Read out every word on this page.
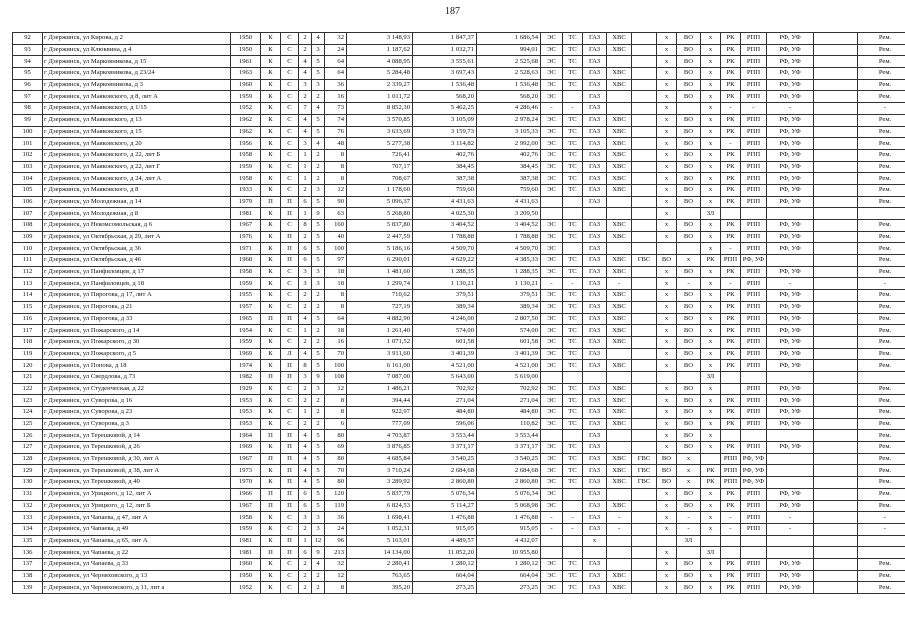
187
92	г Дзержинск, ул Кирова, д 2	1950	К	С	2	4	32	3 148,93	1 847,37	1 686,54	ЭС	ТС	ГАЗ	ХВС		х	ВО	х	РК	РПП	РФ, УФ		Рем.
93	г Дзержинск, ул Клюквина, д 4	1950	К	С	2	3	24	1 187,62	1 032,71	994,01	ЭС	ТС	ГАЗ	ХВС		х	ВО	х	РК	РПП	РФ, УФ		Рем.
94	г Дзержинск, ул Марковникова, д 15	1961	К	С	4	5	64	4 088,95	3 555,61	2 525,68	ЭС	ТС	ГАЗ			х	ВО	х	РК	РПП	РФ, УФ		Рем.
95	г Дзержинск, ул Марковникова, д 23/24	1963	К	С	4	5	64	5 284,48	3 697,43	2 528,63	ЭС	ТС	ГАЗ	ХВС		х	ВО	х	РК	РПП	РФ, УФ		Рем.
96	г Дзержинск, ул Марковникова, д 3	1960	К	С	3	3	36	2 339,27	1 536,48	1 536,48	ЭС	ТС	ГАЗ	ХВС		х	ВО	х	РК	РПП	РФ, УФ		Рем.
97	г Дзержинск, ул Маяковского, д 8, лит А	1959	К	С	2	2	16	1 011,72	568,20	568,20	ЭС		ГАЗ			х	ВО	х	РК	РПП	РФ, УФ		Рем.
98	г Дзержинск, ул Маяковского, д 1/15	1952	К	С	7	4	73	8 852,30	5 462,25	4 286,46	-	-	ГАЗ			х		х	-	-	-		-
99	г Дзержинск, ул Маяковского, д 13	1962	К	С	4	5	74	3 570,85	3 105,09	2 978,24	ЭС	ТС	ГАЗ	ХВС		х	ВО	х	РК	РПП	РФ, УФ		Рем.
100	г Дзержинск, ул Маяковского, д 15	1962	К	С	4	5	76	3 633,69	3 159,73	3 105,33	ЭС	ТС	ГАЗ	ХВС		х	ВО	х	РК	РПП	РФ, УФ		Рем.
101	г Дзержинск, ул Маяковского, д 20	1956	К	С	3	4	48	5 277,38	3 114,82	2 992,00	ЭС	ТС	ГАЗ	ХВС		х	ВО	х	-	РПП	РФ, УФ		Рем.
102	г Дзержинск, ул Маяковского, д 22, лит Б	1958	К	С	1	2	8	726,41	402,76	402,76	ЭС	ТС	ГАЗ	ХВС		х	ВО	х	РК	РПП	РФ, УФ		Рем.
103	г Дзержинск, ул Маяковского, д 22, лит Г	1959	К	С	1	2	8	707,17	384,45	384,45	ЭС	ТС	ГАЗ	ХВС		х	ВО	х	РК	РПП	РФ, УФ		Рем.
104	г Дзержинск, ул Маяковского, д 24, лит А	1958	К	С	1	2	8	708,67	387,38	387,38	ЭС	ТС	ГАЗ	ХВС		х	ВО	х	РК	РПП	РФ, УФ		Рем.
105	г Дзержинск, ул Маяковского, д 8	1933	К	С	2	3	12	1 178,60	759,60	759,60	ЭС	ТС	ГАЗ	ХВС		х	ВО	х	РК	РПП	РФ, УФ		Рем.
106	г Дзержинск, ул Молодежная, д 14	1979	П	П	6	5	90	5 096,37	4 431,63	4 431,63			ГАЗ			х	ВО	х	РК	РПП	РФ, УФ		Рем.
107	г Дзержинск, ул Молодежная, д 8	1981	К	П	1	9	63	5 268,80	4 025,30	3 209,50						х		ЗЛ					
108	г Дзержинск, ул Некомсомольская, д 6	1967	К	С	8	5	160	5 837,80	3 404,52	3 404,52	ЭС	ТС	ГАЗ	ХВС		х	ВО	х	РК	РПП	РФ, УФ		Рем.
109	г Дзержинск, ул Октябрьская, д 29, лит А	1976	К	П	2	5	40	2 447,59	1 788,88	1 788,88	ЭС	ТС	ГАЗ	ХВС		х	ВО	х	РК	РПП	РФ, УФ		Рем.
110	г Дзержинск, ул Октябрьская, д 36	1971	К	П	6	5	100	5 186,16	4 509,70	4 509,70	ЭС		ГАЗ					х	-	РПП	РФ, УФ		Рем.
111	г Дзержинск, ул Октябрьская, д 46	1968	К	П	6	5	97	6 290,01	4 629,22	4 385,33	ЭС	ТС	ГАЗ	ХВС	ГВС	ВО	х	РК	РПП	РФ, УФ			Рем.
112	г Дзержинск, ул Панфиловцев, д 17	1958	К	С	3	3	18	1 481,60	1 288,35	1 288,35	ЭС	ТС	ГАЗ	ХВС		х	ВО	х	РК	РПП	РФ, УФ		Рем.
113	г Дзержинск, ул Панфиловцев, д 18	1959	К	С	3	3	18	1 299,74	1 130,21	1 130,21	-	-	ГАЗ	-		х	-	х	-	РПП	-		-
114	г Дзержинск, ул Пирогова, д 17, лит А	1955	К	С	2	2	8	710,62	379,51	379,51	ЭС	ТС	ГАЗ	ХВС		х	ВО	х	РК	РПП	РФ, УФ		Рем.
115	г Дзержинск, ул Пирогова, д 21	1957	К	С	2	2	8	727,19	389,34	389,34	ЭС	ТС	ГАЗ	ХВС		х	ВО	х	РК	РПП	РФ, УФ		Рем.
116	г Дзержинск, ул Пирогова, д 33	1965	П	П	4	5	64	4 882,90	4 246,00	2 807,50	ЭС	ТС	ГАЗ	ХВС		х	ВО	х	РК	РПП	РФ, УФ		Рем.
117	г Дзержинск, ул Пожарского, д 14	1954	К	С	1	2	18	1 261,40	574,00	574,00	ЭС	ТС	ГАЗ	ХВС		х	ВО	х	РК	РПП	РФ, УФ		Рем.
118	г Дзержинск, ул Пожарского, д 30	1959	К	С	2	2	16	1 071,52	601,58	601,58	ЭС	ТС	ГАЗ	ХВС		х	ВО	х	РК	РПП	РФ, УФ		Рем.
119	г Дзержинск, ул Пожарского, д 5	1969	К	Л	4	5	70	3 911,60	3 401,39	3 401,39	ЭС	ТС	ГАЗ			х	ВО	х	РК	РПП	РФ, УФ		Рем.
120	г Дзержинск, ул Попова, д 18	1974	К	П	8	5	100	6 161,00	4 521,00	4 521,00	ЭС	ТС	ГАЗ	ХВС		х	ВО	х	РК	РПП	РФ, УФ		Рем.
121	г Дзержинск, ул Свердлова, д 73	1982	П	П	3	9	108	7 087,00	5 643,00	5 619,00								ЗЛ					
122	г Дзержинск, ул Студенческая, д 22	1929	К	С	2	3	12	1 486,21	702,92	702,92	ЭС	ТС	ГАЗ	ХВС		х	ВО	х		РПП	РФ, УФ		Рем.
123	г Дзержинск, ул Суворова, д 16	1953	К	С	2	2	8	394,44	271,04	271,04	ЭС	ТС	ГАЗ	ХВС		х	ВО	х	РК	РПП	РФ, УФ		Рем.
124	г Дзержинск, ул Суворова, д 23	1953	К	С	1	2	8	922,97	484,80	484,80	ЭС	ТС	ГАЗ	ХВС		х	ВО	х	РК	РПП	РФ, УФ		Рем.
125	г Дзержинск, ул Суворова, д 3	1953	К	С	2	2	6	777,09	596,06	110,82	ЭС	ТС	ГАЗ	ХВС		х	ВО	х	РК	РПП	РФ, УФ		Рем.
126	г Дзержинск, ул Терешковой, д 14	1964	П	П	4	5	80	4 703,87	3 553,44	3 553,44			ГАЗ			х	ВО	х					Рем.
127	г Дзержинск, ул Терешковой, д 26	1969	К	П	4	5	69	3 876,85	3 371,17	3 371,17	ЭС	ТС	ГАЗ			х	ВО	х	РК	РПП	РФ, УФ		Рем.
128	г Дзержинск, ул Терешковой, д 30, лит А	1967	П	П	4	5	80	4 685,84	3 540,25	3 540,25	ЭС	ТС	ГАЗ	ХВС	ГВС	ВО	х		РПП	РФ, УФ			Рем.
129	г Дзержинск, ул Терешковой, д 38, лит А	1973	К	П	4	5	70	3 710,24	2 684,68	2 684,68	ЭС	ТС	ГАЗ	ХВС	ГВС	ВО	х	РК	РПП	РФ, УФ			Рем.
130	г Дзержинск, ул Терешковой, д 40	1970	К	П	4	5	80	3 289,92	2 860,80	2 860,80	ЭС	ТС	ГАЗ	ХВС	ГВС	ВО	х	РК	РПП	РФ, УФ			Рем.
131	г Дзержинск, ул Урицкого, д 12, лит А	1966	П	П	6	5	120	5 837,79	5 076,34	5 076,34	ЭС		ГАЗ			х	ВО	х	РК	РПП	РФ, УФ		Рем.
132	г Дзержинск, ул Урицкого, д 12, лит Б	1967	П	П	6	5	119	6 824,53	5 114,27	5 068,98	ЭС		ГАЗ	ХВС		х	ВО	х	РК	РПП	РФ, УФ		Рем.
133	г Дзержинск, ул Чапаева, д 47, лит А	1958	К	С	3	3	36	1 698,41	1 476,88	1 476,88	-	-	ГАЗ	-		х	-	х	-	РПП	-		-
134	г Дзержинск, ул Чапаева, д 49	1959	К	С	2	3	24	1 052,31	915,05	915,05	-	-	ГАЗ	-		х	-	х	-	РПП	-		-
135	г Дзержинск, ул Чапаева, д 65, лит А	1981	К	П	1	12	96	5 163,01	4 489,57	4 432,07			х				ЗЛ						
136	г Дзержинск, ул Чапаева, д 22	1981	П	П	6	9	213	14 134,00	11 052,20	10 955,80						х		ЗЛ					
137	г Дзержинск, ул Чапаева, д 33	1960	К	С	2	4	32	2 280,41	1 280,12	1 280,12	ЭС	ТС	ГАЗ			х	ВО	х	РК	РПП	РФ, УФ		Рем.
138	г Дзержинск, ул Черняховского, д 13	1950	К	С	2	2	12	763,65	664,04	664,04	ЭС	ТС	ГАЗ	ХВС		х	ВО	х	РК	РПП	РФ, УФ		Рем.
139	г Дзержинск, ул Черняховского, д 11, лит а	1952	К	С	2	2	8	395,20	273,25	273,25	ЭС	ТС	ГАЗ	ХВС		х	ВО	х	РК	РПП	РФ, УФ		Рем.
